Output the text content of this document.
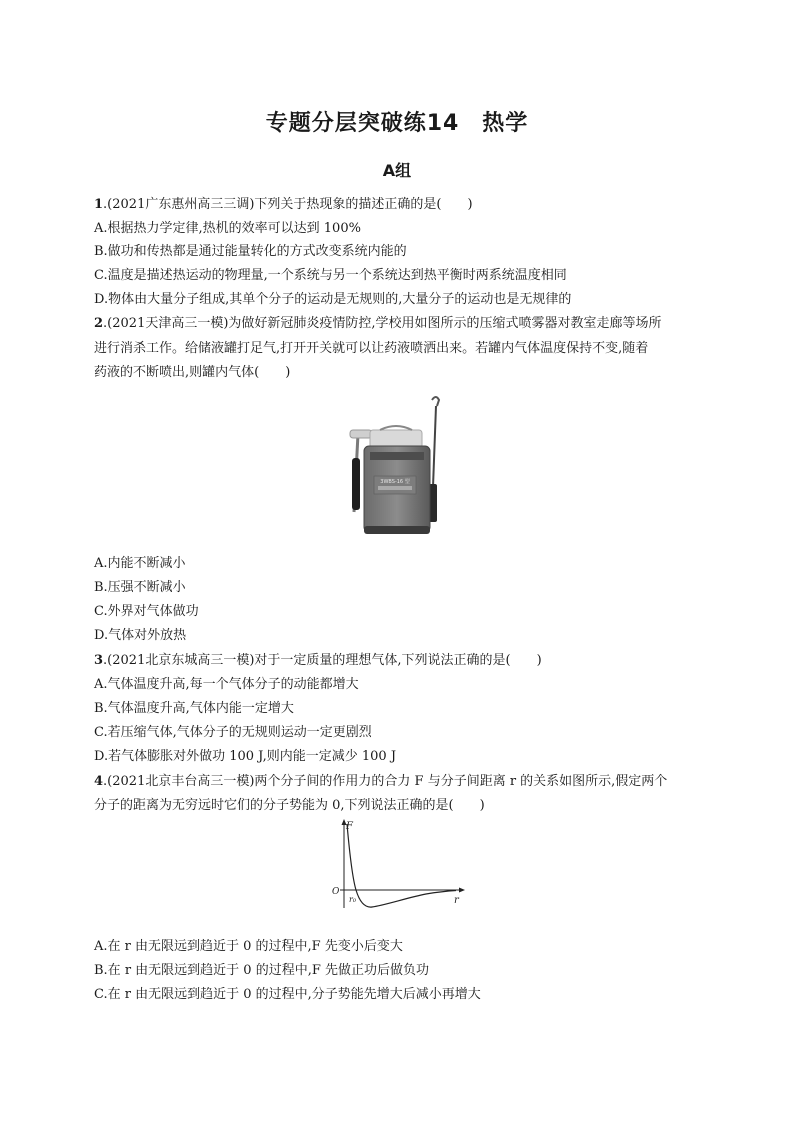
专题分层突破练14　热学
A组
1.(2021广东惠州高三三调)下列关于热现象的描述正确的是(　　)
A.根据热力学定律,热机的效率可以达到 100%
B.做功和传热都是通过能量转化的方式改变系统内能的
C.温度是描述热运动的物理量,一个系统与另一个系统达到热平衡时两系统温度相同
D.物体由大量分子组成,其单个分子的运动是无规则的,大量分子的运动也是无规律的
2.(2021天津高三一模)为做好新冠肺炎疫情防控,学校用如图所示的压缩式喷雾器对教室走廊等场所
进行消杀工作。给储液罐打足气,打开开关就可以让药液喷洒出来。若罐内气体温度保持不变,随着
药液的不断喷出,则罐内气体(　　)
3WBS-16 型
A.内能不断减小
B.压强不断减小
C.外界对气体做功
D.气体对外放热
3.(2021北京东城高三一模)对于一定质量的理想气体,下列说法正确的是(　　)
A.气体温度升高,每一个气体分子的动能都增大
B.气体温度升高,气体内能一定增大
C.若压缩气体,气体分子的无规则运动一定更剧烈
D.若气体膨胀对外做功 100 J,则内能一定减少 100 J
4.(2021北京丰台高三一模)两个分子间的作用力的合力 F 与分子间距离 r 的关系如图所示,假定两个
分子的距离为无穷远时它们的分子势能为 0,下列说法正确的是(　　)
F
r
O
r₀
A.在 r 由无限远到趋近于 0 的过程中,F 先变小后变大
B.在 r 由无限远到趋近于 0 的过程中,F 先做正功后做负功
C.在 r 由无限远到趋近于 0 的过程中,分子势能先增大后减小再增大
